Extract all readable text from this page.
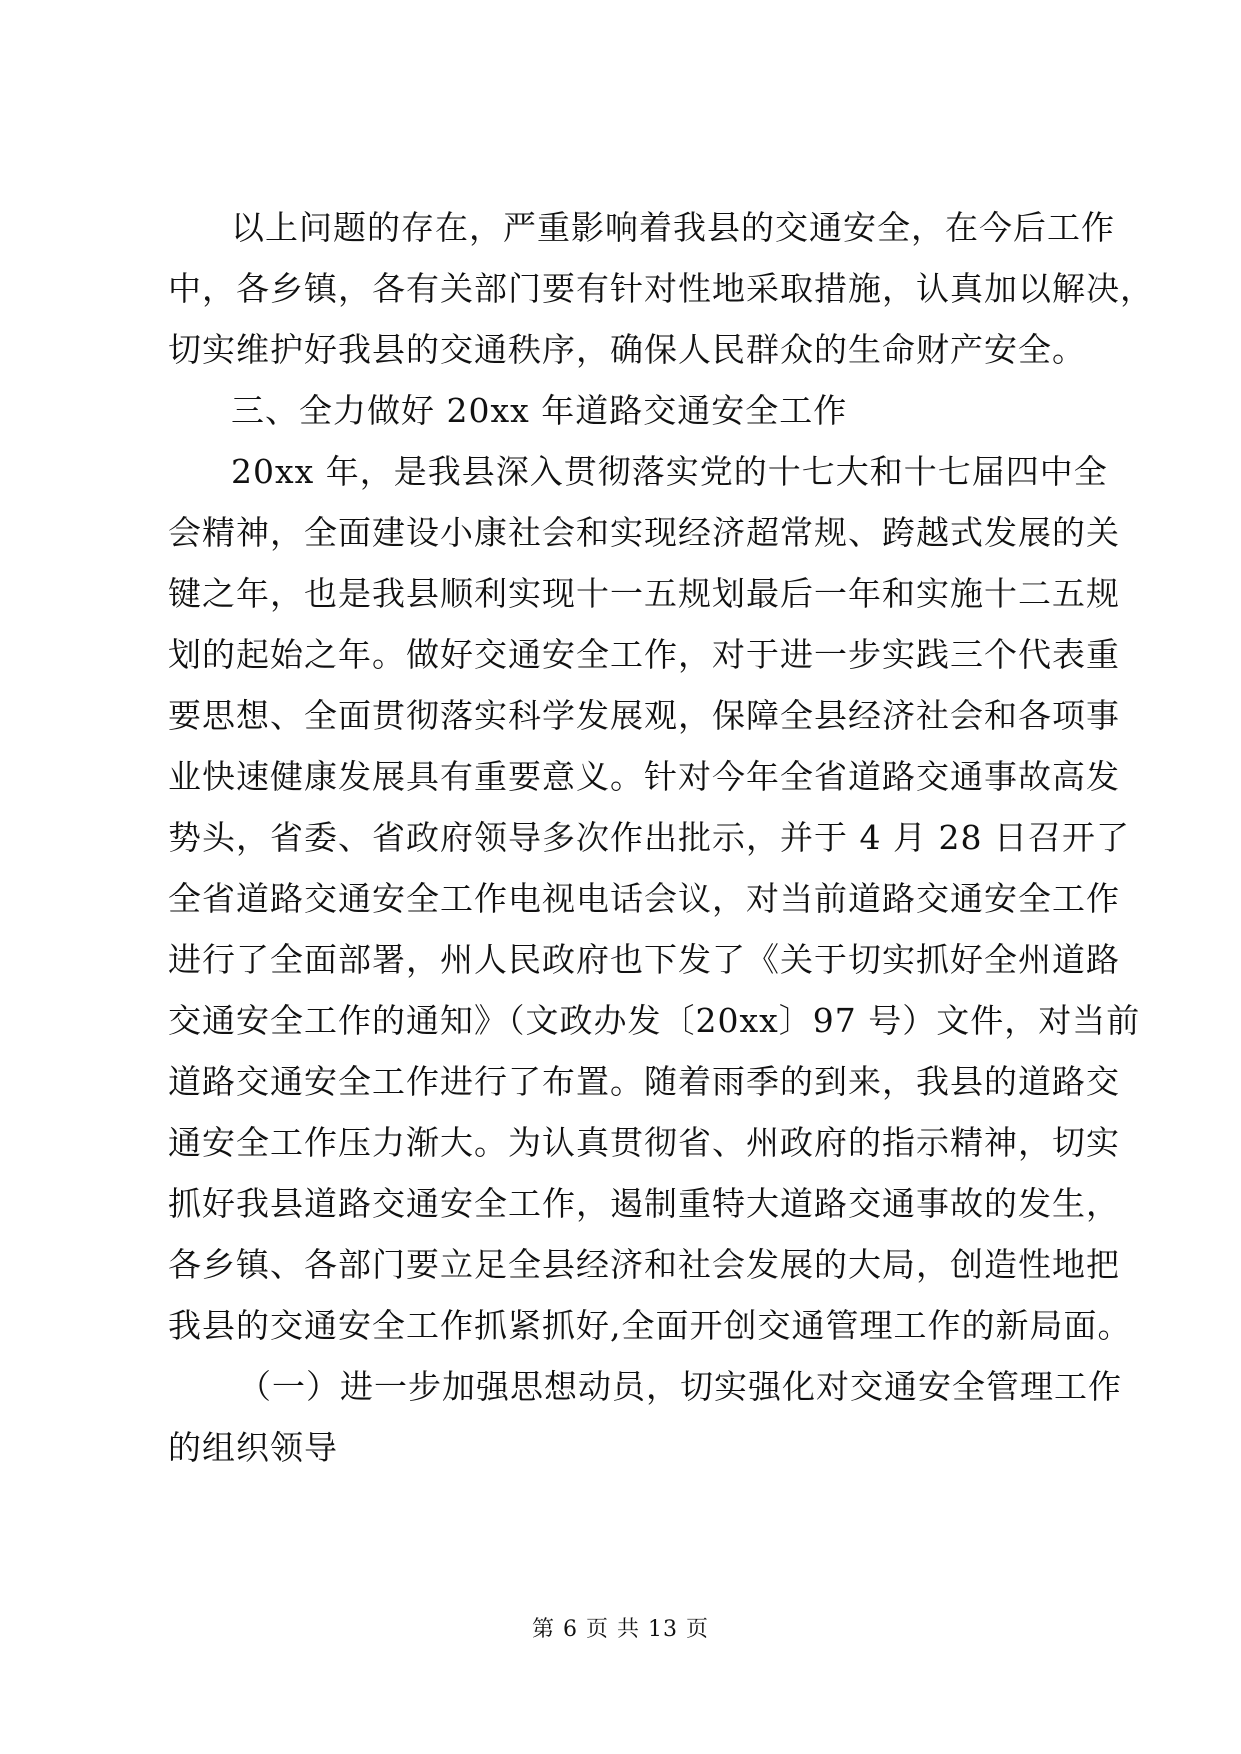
以上问题的存在，严重影响着我县的交通安全，在今后工作
中，各乡镇，各有关部门要有针对性地采取措施，认真加以解决，
切实维护好我县的交通秩序，确保人民群众的生命财产安全。
三、全力做好 20xx 年道路交通安全工作
20xx 年，是我县深入贯彻落实党的十七大和十七届四中全
会精神，全面建设小康社会和实现经济超常规、跨越式发展的关
键之年，也是我县顺利实现十一五规划最后一年和实施十二五规
划的起始之年。做好交通安全工作，对于进一步实践三个代表重
要思想、全面贯彻落实科学发展观，保障全县经济社会和各项事
业快速健康发展具有重要意义。针对今年全省道路交通事故高发
势头，省委、省政府领导多次作出批示，并于 4 月 28 日召开了
全省道路交通安全工作电视电话会议，对当前道路交通安全工作
进行了全面部署，州人民政府也下发了《关于切实抓好全州道路
交通安全工作的通知》（文政办发〔20xx〕97 号）文件，对当前
道路交通安全工作进行了布置。随着雨季的到来，我县的道路交
通安全工作压力渐大。为认真贯彻省、州政府的指示精神，切实
抓好我县道路交通安全工作，遏制重特大道路交通事故的发生，
各乡镇、各部门要立足全县经济和社会发展的大局，创造性地把
我县的交通安全工作抓紧抓好,全面开创交通管理工作的新局面。
（一）进一步加强思想动员，切实强化对交通安全管理工作
的组织领导
第 6 页 共 13 页
